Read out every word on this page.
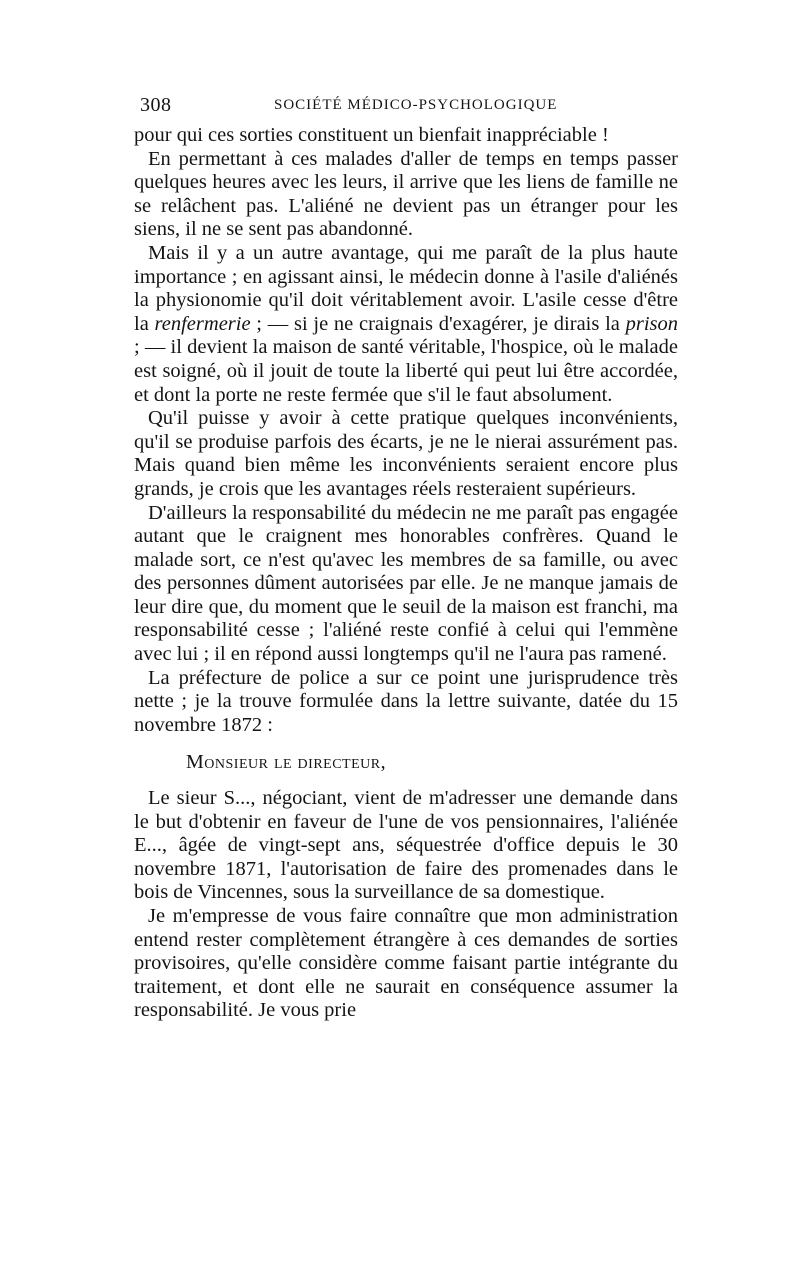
308	SOCIÉTÉ MÉDICO-PSYCHOLOGIQUE

pour qui ces sorties constituent un bienfait inappréciable !

En permettant à ces malades d'aller de temps en temps passer quelques heures avec les leurs, il arrive que les liens de famille ne se relâchent pas. L'aliéné ne devient pas un étranger pour les siens, il ne se sent pas abandonné.

Mais il y a un autre avantage, qui me paraît de la plus haute importance ; en agissant ainsi, le médecin donne à l'asile d'aliénés la physionomie qu'il doit véritablement avoir. L'asile cesse d'être la renfermerie ; — si je ne craignais d'exagérer, je dirais la prison ; — il devient la maison de santé véritable, l'hospice, où le malade est soigné, où il jouit de toute la liberté qui peut lui être accordée, et dont la porte ne reste fermée que s'il le faut absolument.

Qu'il puisse y avoir à cette pratique quelques inconvénients, qu'il se produise parfois des écarts, je ne le nierai assurément pas. Mais quand bien même les inconvénients seraient encore plus grands, je crois que les avantages réels resteraient supérieurs.

D'ailleurs la responsabilité du médecin ne me paraît pas engagée autant que le craignent mes honorables confrères. Quand le malade sort, ce n'est qu'avec les membres de sa famille, ou avec des personnes dûment autorisées par elle. Je ne manque jamais de leur dire que, du moment que le seuil de la maison est franchi, ma responsabilité cesse ; l'aliéné reste confié à celui qui l'emmène avec lui ; il en répond aussi longtemps qu'il ne l'aura pas ramené.

La préfecture de police a sur ce point une jurisprudence très nette ; je la trouve formulée dans la lettre suivante, datée du 15 novembre 1872 :

Monsieur le directeur,

Le sieur S..., négociant, vient de m'adresser une demande dans le but d'obtenir en faveur de l'une de vos pensionnaires, l'aliénée E..., âgée de vingt-sept ans, séquestrée d'office depuis le 30 novembre 1871, l'autorisation de faire des promenades dans le bois de Vincennes, sous la surveillance de sa domestique.

Je m'empresse de vous faire connaître que mon administration entend rester complètement étrangère à ces demandes de sorties provisoires, qu'elle considère comme faisant partie intégrante du traitement, et dont elle ne saurait en conséquence assumer la responsabilité. Je vous prie
